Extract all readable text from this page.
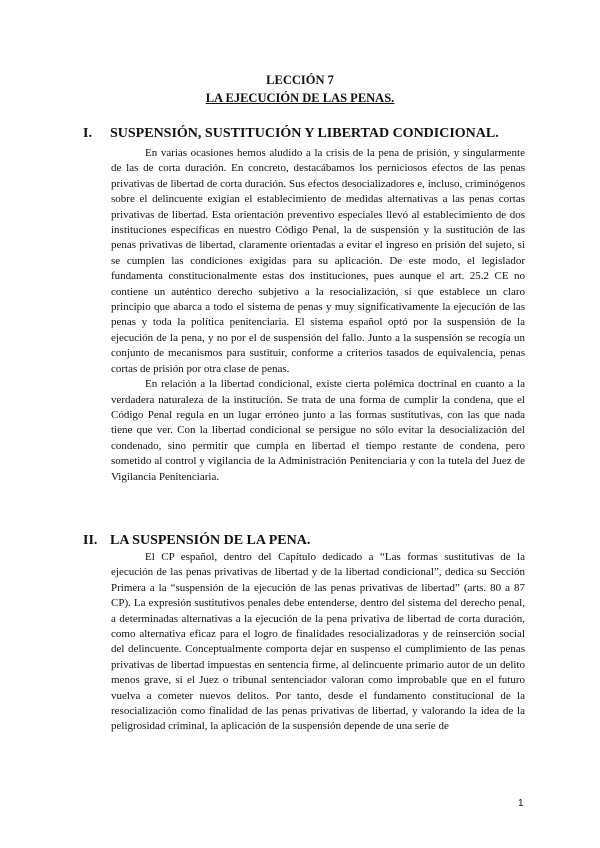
LECCIÓN 7
LA EJECUCIÓN DE LAS PENAS.
I. SUSPENSIÓN, SUSTITUCIÓN Y LIBERTAD CONDICIONAL.

En varias ocasiones hemos aludido a la crisis de la pena de prisión, y singularmente de las de corta duración. En concreto, destacábamos los perniciosos efectos de las penas privativas de libertad de corta duración. Sus efectos desocializadores e, incluso, criminógenos sobre el delincuente exigían el establecimiento de medidas alternativas a las penas cortas privativas de libertad. Esta orientación preventivo especiales llevó al establecimiento de dos instituciones específicas en nuestro Código Penal, la de suspensión y la sustitución de las penas privativas de libertad, claramente orientadas a evitar el ingreso en prisión del sujeto, si se cumplen las condiciones exigidas para su aplicación. De este modo, el legislador fundamenta constitucionalmente estas dos instituciones, pues aunque el art. 25.2 CE no contiene un auténtico derecho subjetivo a la resocialización, sí que establece un claro principio que abarca a todo el sistema de penas y muy significativamente la ejecución de las penas y toda la política penitenciaria. El sistema español optó por la suspensión de la ejecución de la pena, y no por el de suspensión del fallo. Junto a la suspensión se recogía un conjunto de mecanismos para sustituir, conforme a criterios tasados de equivalencia, penas cortas de prisión por otra clase de penas.

En relación a la libertad condicional, existe cierta polémica doctrinal en cuanto a la verdadera naturaleza de la institución. Se trata de una forma de cumplir la condena, que el Código Penal regula en un lugar erróneo junto a las formas sustitutivas, con las que nada tiene que ver. Con la libertad condicional se persigue no sólo evitar la desocialización del condenado, sino permitir que cumpla en libertad el tiempo restante de condena, pero sometido al control y vigilancia de la Administración Penitenciaria y con la tutela del Juez de Vigilancia Penitenciaria.

II. LA SUSPENSIÓN DE LA PENA.

El CP español, dentro del Capítulo dedicado a “Las formas sustitutivas de la ejecución de las penas privativas de libertad y de la libertad condicional”, dedica su Sección Primera a la “suspensión de la ejecución de las penas privativas de libertad” (arts. 80 a 87 CP). La expresión sustitutivos penales debe entenderse, dentro del sistema del derecho penal, a determinadas alternativas a la ejecución de la pena privativa de libertad de corta duración, como alternativa eficaz para el logro de finalidades resocializadoras y de reinserción social del delincuente. Conceptualmente comporta dejar en suspenso el cumplimiento de las penas privativas de libertad impuestas en sentencia firme, al delincuente primario autor de un delito menos grave, si el Juez o tribunal sentenciador valoran como improbable que en el futuro vuelva a cometer nuevos delitos. Por tanto, desde el fundamento constitucional de la resocialización como finalidad de las penas privativas de libertad, y valorando la idea de la peligrosidad criminal, la aplicación de la suspensión depende de una serie de

1
